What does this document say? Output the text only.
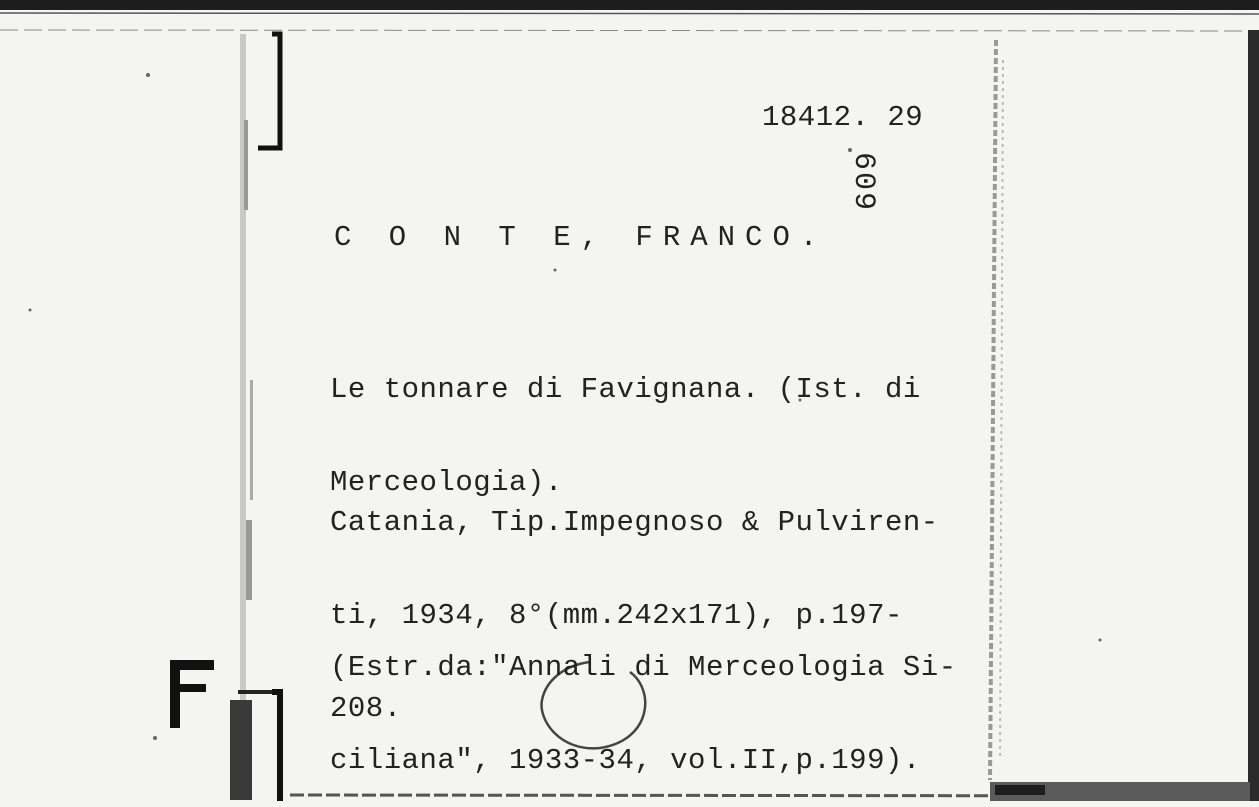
18412. 29

609

C O N T E, FRANCO.

Le tonnare di Favignana. (Ist. di

Merceologia).

Catania, Tip.Impegnoso & Pulviren-

ti, 1934, 8°(mm.242x171), p.197-

208.

(Estr.da:"Annali di Merceologia Si-

ciliana", 1933-34, vol.II,p.199).
